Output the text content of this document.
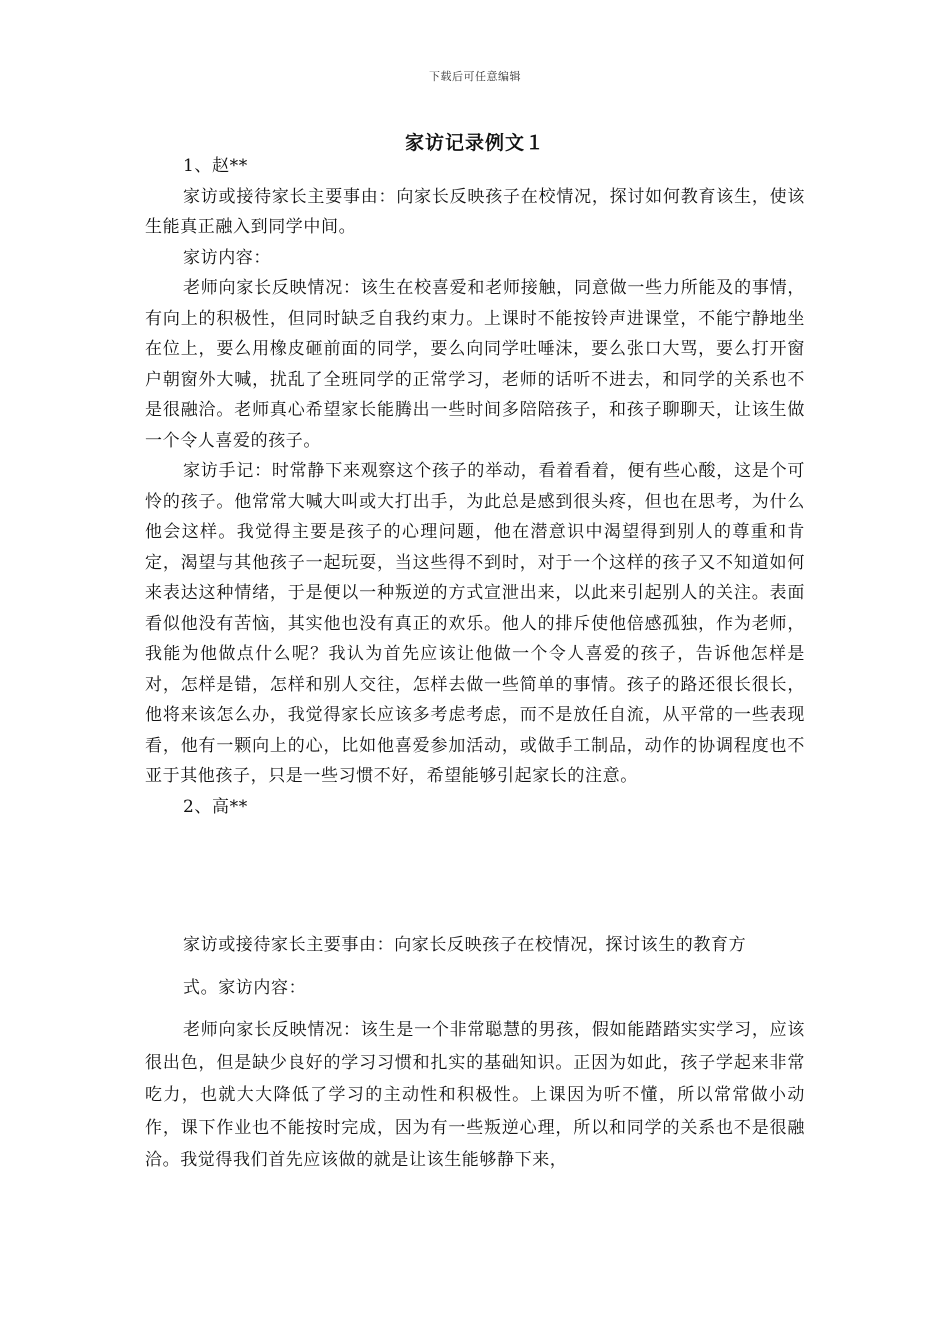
下载后可任意编辑
家访记录例文１

1、赵**

家访或接待家长主要事由：向家长反映孩子在校情况，探讨如何教育该生，使该生能真正融入到同学中间。

家访内容：

老师向家长反映情况：该生在校喜爱和老师接触，同意做一些力所能及的事情，有向上的积极性，但同时缺乏自我约束力。上课时不能按铃声进课堂，不能宁静地坐在位上，要么用橡皮砸前面的同学，要么向同学吐唾沫，要么张口大骂，要么打开窗户朝窗外大喊，扰乱了全班同学的正常学习，老师的话听不进去，和同学的关系也不是很融洽。老师真心希望家长能腾出一些时间多陪陪孩子，和孩子聊聊天，让该生做一个令人喜爱的孩子。

家访手记：时常静下来观察这个孩子的举动，看着看着，便有些心酸，这是个可怜的孩子。他常常大喊大叫或大打出手，为此总是感到很头疼，但也在思考，为什么他会这样。我觉得主要是孩子的心理问题，他在潜意识中渴望得到别人的尊重和肯定，渴望与其他孩子一起玩耍，当这些得不到时，对于一个这样的孩子又不知道如何来表达这种情绪，于是便以一种叛逆的方式宣泄出来，以此来引起别人的关注。表面看似他没有苦恼，其实他也没有真正的欢乐。他人的排斥使他倍感孤独，作为老师，我能为他做点什么呢？我认为首先应该让他做一个令人喜爱的孩子，告诉他怎样是对，怎样是错，怎样和别人交往，怎样去做一些简单的事情。孩子的路还很长很长，他将来该怎么办，我觉得家长应该多考虑考虑，而不是放任自流，从平常的一些表现看，他有一颗向上的心，比如他喜爱参加活动，或做手工制品，动作的协调程度也不亚于其他孩子，只是一些习惯不好，希望能够引起家长的注意。

2、高**

家访或接待家长主要事由：向家长反映孩子在校情况，探讨该生的教育方

式。家访内容：

老师向家长反映情况：该生是一个非常聪慧的男孩，假如能踏踏实实学习，应该很出色，但是缺少良好的学习习惯和扎实的基础知识。正因为如此，孩子学起来非常吃力，也就大大降低了学习的主动性和积极性。上课因为听不懂，所以常常做小动作，课下作业也不能按时完成，因为有一些叛逆心理，所以和同学的关系也不是很融洽。我觉得我们首先应该做的就是让该生能够静下来，
